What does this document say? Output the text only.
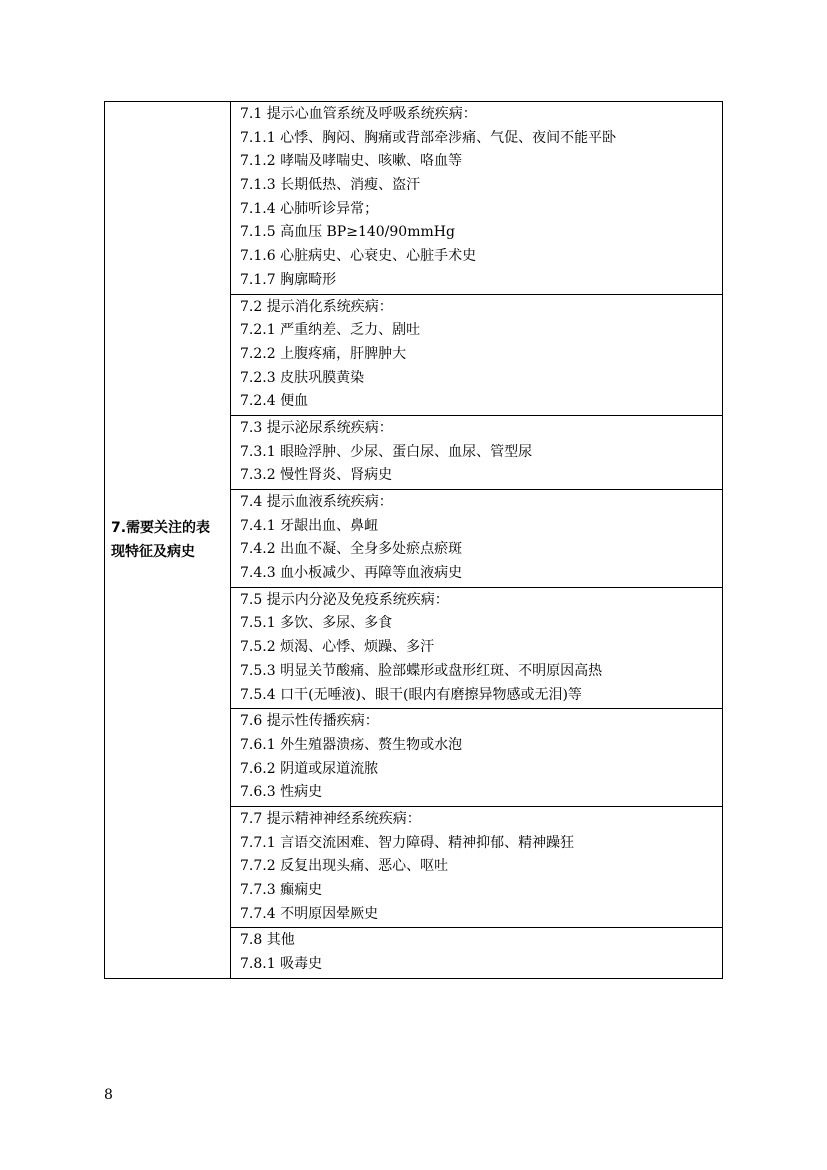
7.需要关注的表现特征及病史

7.1 提示心血管系统及呼吸系统疾病：
7.1.1 心悸、胸闷、胸痛或背部牵涉痛、气促、夜间不能平卧
7.1.2 哮喘及哮喘史、咳嗽、咯血等
7.1.3 长期低热、消瘦、盗汗
7.1.4 心肺听诊异常；
7.1.5 高血压 BP≥140/90mmHg
7.1.6 心脏病史、心衰史、心脏手术史
7.1.7 胸廓畸形

7.2 提示消化系统疾病：
7.2.1 严重纳差、乏力、剧吐
7.2.2 上腹疼痛，肝脾肿大
7.2.3 皮肤巩膜黄染
7.2.4 便血

7.3 提示泌尿系统疾病：
7.3.1 眼睑浮肿、少尿、蛋白尿、血尿、管型尿
7.3.2 慢性肾炎、肾病史

7.4 提示血液系统疾病：
7.4.1 牙龈出血、鼻衄
7.4.2 出血不凝、全身多处瘀点瘀斑
7.4.3 血小板减少、再障等血液病史

7.5 提示内分泌及免疫系统疾病：
7.5.1 多饮、多尿、多食
7.5.2 烦渴、心悸、烦躁、多汗
7.5.3 明显关节酸痛、脸部蝶形或盘形红斑、不明原因高热
7.5.4 口干(无唾液)、眼干(眼内有磨擦异物感或无泪)等

7.6 提示性传播疾病：
7.6.1 外生殖器溃疡、赘生物或水泡
7.6.2 阴道或尿道流脓
7.6.3 性病史

7.7 提示精神神经系统疾病：
7.7.1 言语交流困难、智力障碍、精神抑郁、精神躁狂
7.7.2 反复出现头痛、恶心、呕吐
7.7.3 癫痫史
7.7.4 不明原因晕厥史

7.8 其他
7.8.1 吸毒史
8
